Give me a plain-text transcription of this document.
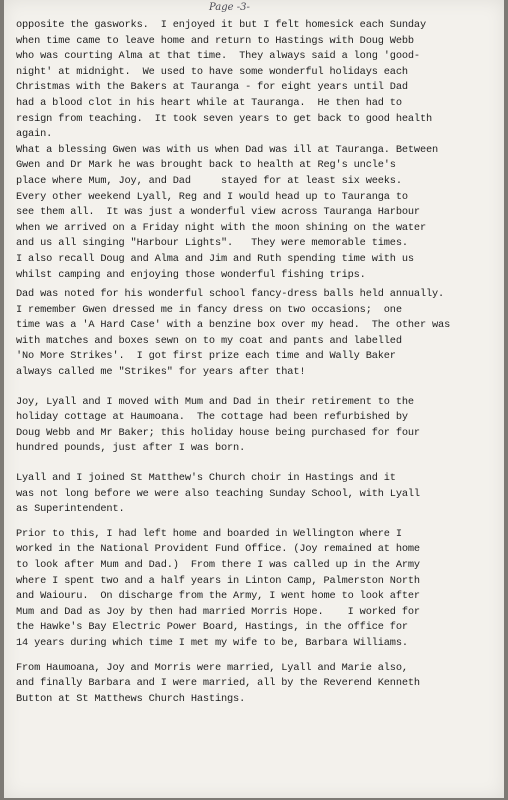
Page -3-
opposite the gasworks.  I enjoyed it but I felt homesick each Sunday
when time came to leave home and return to Hastings with Doug Webb
who was courting Alma at that time.  They always said a long 'good-
night' at midnight.  We used to have some wonderful holidays each
Christmas with the Bakers at Tauranga - for eight years until Dad
had a blood clot in his heart while at Tauranga.  He then had to
resign from teaching.  It took seven years to get back to good health
again.
What a blessing Gwen was with us when Dad was ill at Tauranga. Between
Gwen and Dr Mark he was brought back to health at Reg's uncle's
place where Mum, Joy, and Dad     stayed for at least six weeks.
Every other weekend Lyall, Reg and I would head up to Tauranga to
see them all.  It was just a wonderful view across Tauranga Harbour
when we arrived on a Friday night with the moon shining on the water
and us all singing "Harbour Lights".   They were memorable times.
I also recall Doug and Alma and Jim and Ruth spending time with us
whilst camping and enjoying those wonderful fishing trips.
Dad was noted for his wonderful school fancy-dress balls held annually.
I remember Gwen dressed me in fancy dress on two occasions;  one
time was a 'A Hard Case' with a benzine box over my head.  The other was
with matches and boxes sewn on to my coat and pants and labelled
'No More Strikes'.  I got first prize each time and Wally Baker
always called me "Strikes" for years after that!
Joy, Lyall and I moved with Mum and Dad in their retirement to the
holiday cottage at Haumoana.  The cottage had been refurbished by
Doug Webb and Mr Baker; this holiday house being purchased for four
hundred pounds, just after I was born.
Lyall and I joined St Matthew's Church choir in Hastings and it
was not long before we were also teaching Sunday School, with Lyall
as Superintendent.
Prior to this, I had left home and boarded in Wellington where I
worked in the National Provident Fund Office. (Joy remained at home
to look after Mum and Dad.)  From there I was called up in the Army
where I spent two and a half years in Linton Camp, Palmerston North
and Waiouru.  On discharge from the Army, I went home to look after
Mum and Dad as Joy by then had married Morris Hope.    I worked for
the Hawke's Bay Electric Power Board, Hastings, in the office for
14 years during which time I met my wife to be, Barbara Williams.
From Haumoana, Joy and Morris were married, Lyall and Marie also,
and finally Barbara and I were married, all by the Reverend Kenneth
Button at St Matthews Church Hastings.
